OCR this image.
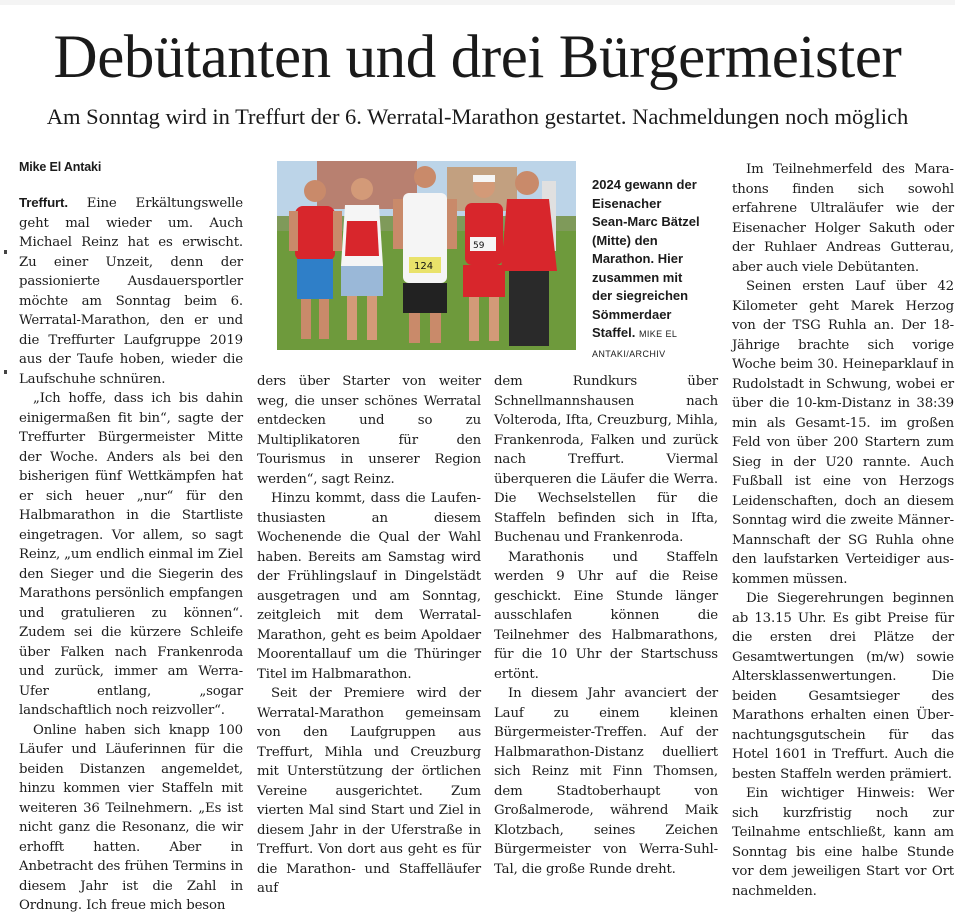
Debütanten und drei Bürgermeister
Am Sonntag wird in Treffurt der 6. Werratal-Marathon gestartet. Nachmeldungen noch möglich

Mike El Antaki

Treffurt. Eine Erkältungswelle geht mal wieder um. Auch Michael Reinz hat es erwischt. Zu einer Unzeit, denn der passionierte Ausdauersportler möchte am Sonntag beim 6. Werratal-Marathon, den er und die Treffurter Laufgruppe 2019 aus der Taufe hoben, wieder die Laufschuhe schnüren.

„Ich hoffe, dass ich bis dahin einigermaßen fit bin“, sagte der Treffurter Bürgermeister Mitte der Woche. Anders als bei den bisherigen fünf Wettkämpfen hat er sich heuer „nur“ für den Halbmarathon in die Startliste eingetragen. Vor allem, so sagt Reinz, „um endlich einmal im Ziel den Sieger und die Siegerin des Marathons persönlich empfangen und gratulieren zu können“. Zudem sei die kürzere Schleife über Falken nach Frankenroda und zurück, immer am Werra-Ufer entlang, „sogar landschaftlich noch reizvoller“.

Online haben sich knapp 100 Läufer und Läuferinnen für die beiden Distanzen angemeldet, hinzu kommen vier Staffeln mit weiteren 36 Teilnehmern. „Es ist nicht ganz die Resonanz, die wir erhofft hatten. Aber in Anbetracht des frühen Termins in diesem Jahr ist die Zahl in Ordnung. Ich freue mich beson

124
59
2024 gewann der Eisenacher Sean-Marc Bätzel (Mitte) den Marathon. Hier zusammen mit der siegreichen Sömmerdaer Staffel. MIKE EL ANTAKI/ARCHIV

ders über Starter von weiter weg, die unser schönes Werratal entdecken und so zu Multiplikatoren für den Tourismus in unserer Region werden“, sagt Reinz.

Hinzu kommt, dass die Laufenthusiasten an diesem Wochenende die Qual der Wahl haben. Bereits am Samstag wird der Frühlingslauf in Dingelstädt ausgetragen und am Sonntag, zeitgleich mit dem Werratal-Marathon, geht es beim Apoldaer Moorentallauf um die Thüringer Titel im Halbmarathon.

Seit der Premiere wird der Werratal-Marathon gemeinsam von den Laufgruppen aus Treffurt, Mihla und Creuzburg mit Unterstützung der örtlichen Vereine ausgerichtet. Zum vierten Mal sind Start und Ziel in diesem Jahr in der Uferstraße in Treffurt. Von dort aus geht es für die Marathon- und Staffelläufer auf

dem Rundkurs über Schnellmannshausen nach Volteroda, Ifta, Creuzburg, Mihla, Frankenroda, Falken und zurück nach Treffurt. Viermal überqueren die Läufer die Werra. Die Wechselstellen für die Staffeln befinden sich in Ifta, Buchenau und Frankenroda.

Marathonis und Staffeln werden 9 Uhr auf die Reise geschickt. Eine Stunde länger ausschlafen können die Teilnehmer des Halbmarathons, für die 10 Uhr der Startschuss ertönt.

In diesem Jahr avanciert der Lauf zu einem kleinen Bürgermeister-Treffen. Auf der Halbmarathon-Distanz duelliert sich Reinz mit Finn Thomsen, dem Stadtoberhaupt von Großalmerode, während Maik Klotzbach, seines Zeichen Bürgermeister von Werra-Suhl-Tal, die große Runde dreht.

Im Teilnehmerfeld des Marathons finden sich sowohl erfahrene Ultraläufer wie der Eisenacher Holger Sakuth oder der Ruhlaer Andreas Gutterau, aber auch viele Debütanten.

Seinen ersten Lauf über 42 Kilometer geht Marek Herzog von der TSG Ruhla an. Der 18-Jährige brachte sich vorige Woche beim 30. Heineparklauf in Rudolstadt in Schwung, wobei er über die 10-km-Distanz in 38:39 min als Gesamt-15. im großen Feld von über 200 Startern zum Sieg in der U20 rannte. Auch Fußball ist eine von Herzogs Leidenschaften, doch an diesem Sonntag wird die zweite Männer-Mannschaft der SG Ruhla ohne den laufstarken Verteidiger auskommen müssen.

Die Siegerehrungen beginnen ab 13.15 Uhr. Es gibt Preise für die ersten drei Plätze der Gesamtwertungen (m/w) sowie Altersklassenwertungen. Die beiden Gesamtsieger des Marathons erhalten einen Übernachtungsgutschein für das Hotel 1601 in Treffurt. Auch die besten Staffeln werden prämiert.

Ein wichtiger Hinweis: Wer sich kurzfristig noch zur Teilnahme entschließt, kann am Sonntag bis eine halbe Stunde vor dem jeweiligen Start vor Ort nachmelden.
